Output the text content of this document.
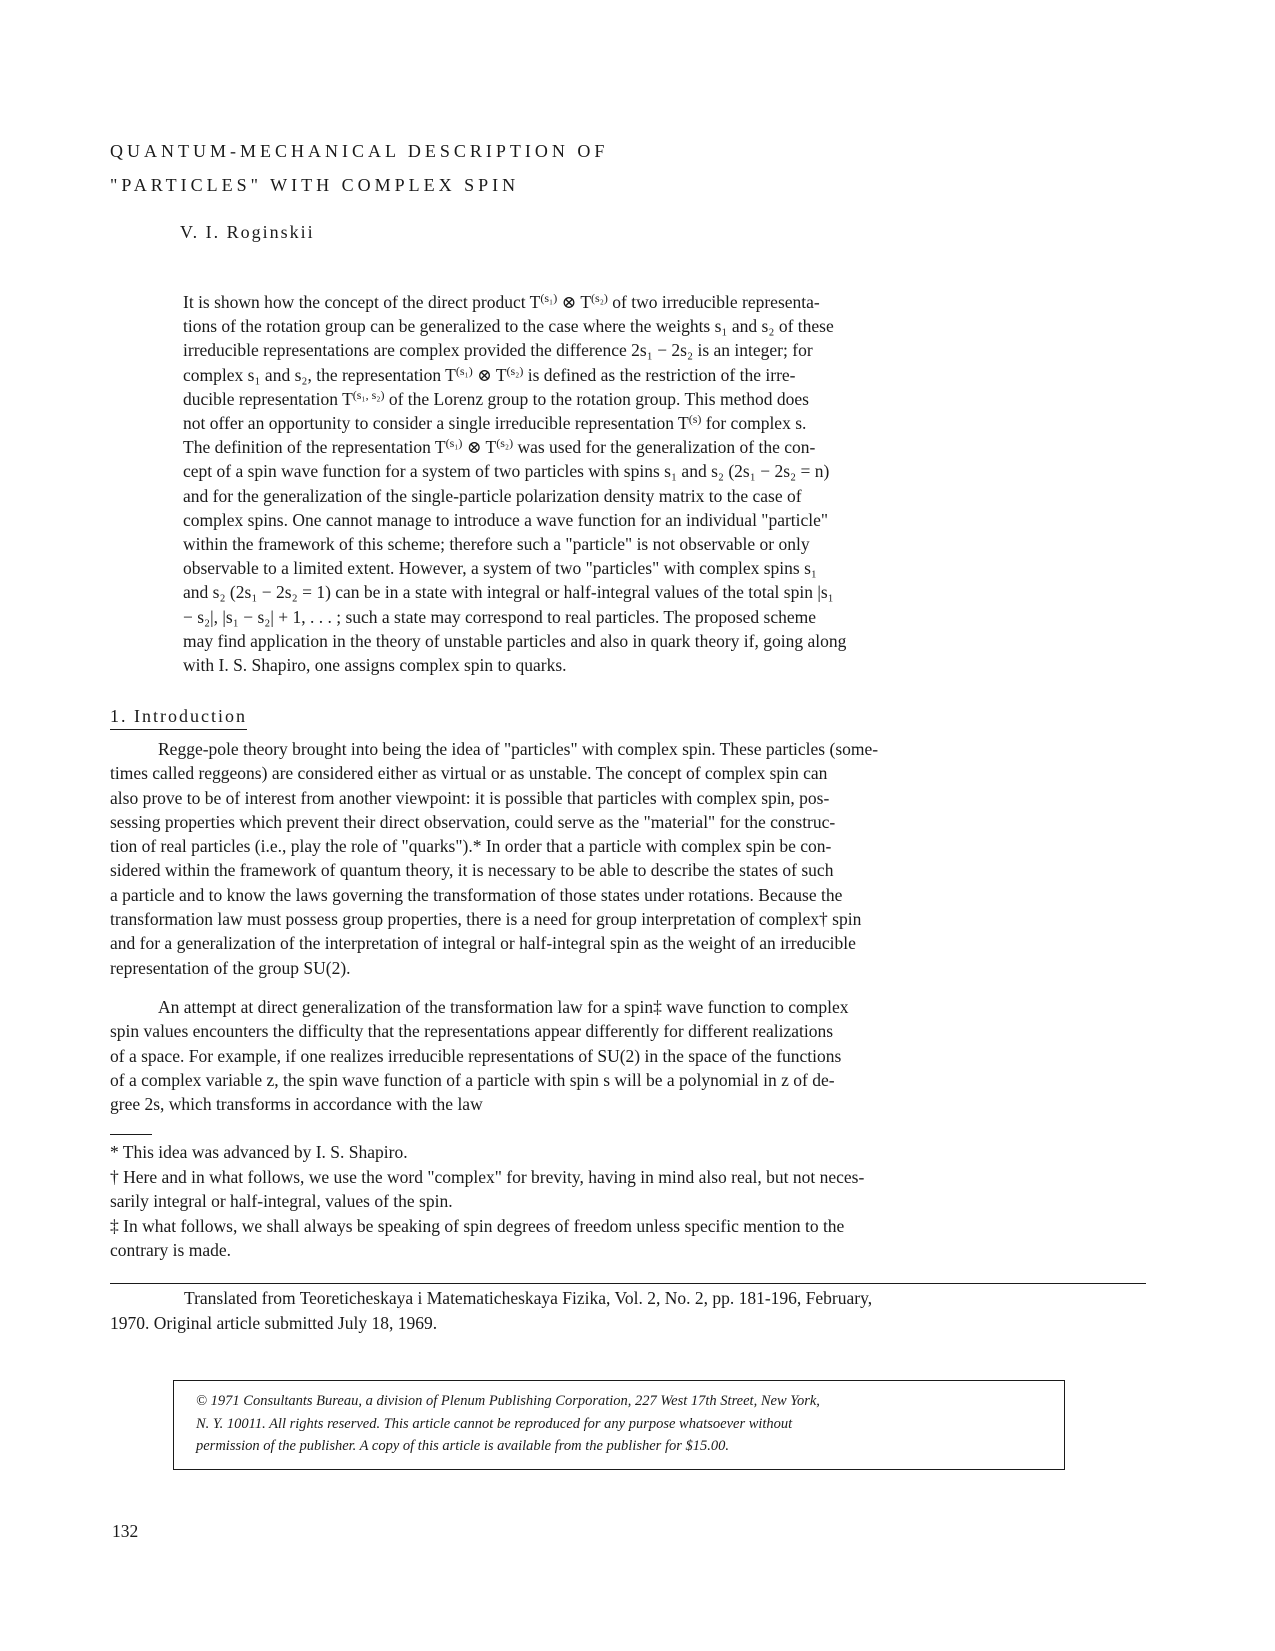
QUANTUM-MECHANICAL DESCRIPTION OF
"PARTICLES" WITH COMPLEX SPIN
V. I. Roginskii
It is shown how the concept of the direct product $T^{(s_1)}$ ⊗ $T^{(s_2)}$ of two irreducible representa-
tions of the rotation group can be generalized to the case where the weights s₁ and s₂ of these
irreducible representations are complex provided the difference 2s₁ − 2s₂ is an integer; for
complex s₁ and s₂, the representation $T^{(s_1)}$ ⊗ $T^{(s_2)}$ is defined as the restriction of the irre-
ducible representation $T^{(s_1, s_2)}$ of the Lorenz group to the rotation group. This method does
not offer an opportunity to consider a single irreducible representation $T^{(s)}$ for complex s.
The definition of the representation $T^{(s_1)}$ ⊗ $T^{(s_2)}$ was used for the generalization of the con-
cept of a spin wave function for a system of two particles with spins s₁ and s₂ (2s₁ − 2s₂ = n)
and for the generalization of the single-particle polarization density matrix to the case of
complex spins. One cannot manage to introduce a wave function for an individual "particle"
within the framework of this scheme; therefore such a "particle" is not observable or only
observable to a limited extent. However, a system of two "particles" with complex spins s₁
and s₂ (2s₁ − 2s₂ = 1) can be in a state with integral or half-integral values of the total spin |s₁
− s₂|, |s₁ − s₂| + 1, . . . ; such a state may correspond to real particles. The proposed scheme
may find application in the theory of unstable particles and also in quark theory if, going along
with I. S. Shapiro, one assigns complex spin to quarks.
1. Introduction
Regge-pole theory brought into being the idea of "particles" with complex spin. These particles (some-
times called reggeons) are considered either as virtual or as unstable. The concept of complex spin can
also prove to be of interest from another viewpoint: it is possible that particles with complex spin, pos-
sessing properties which prevent their direct observation, could serve as the "material" for the construc-
tion of real particles (i.e., play the role of "quarks").* In order that a particle with complex spin be con-
sidered within the framework of quantum theory, it is necessary to be able to describe the states of such
a particle and to know the laws governing the transformation of those states under rotations. Because the
transformation law must possess group properties, there is a need for group interpretation of complex† spin
and for a generalization of the interpretation of integral or half-integral spin as the weight of an irreducible
representation of the group SU(2).
An attempt at direct generalization of the transformation law for a spin‡ wave function to complex
spin values encounters the difficulty that the representations appear differently for different realizations
of a space. For example, if one realizes irreducible representations of SU(2) in the space of the functions
of a complex variable z, the spin wave function of a particle with spin s will be a polynomial in z of de-
gree 2s, which transforms in accordance with the law
* This idea was advanced by I. S. Shapiro.
† Here and in what follows, we use the word "complex" for brevity, having in mind also real, but not neces-
sarily integral or half-integral, values of the spin.
‡ In what follows, we shall always be speaking of spin degrees of freedom unless specific mention to the
contrary is made.
Translated from Teoreticheskaya i Matematicheskaya Fizika, Vol. 2, No. 2, pp. 181-196, February,
1970. Original article submitted July 18, 1969.
© 1971 Consultants Bureau, a division of Plenum Publishing Corporation, 227 West 17th Street, New York,
N. Y. 10011. All rights reserved. This article cannot be reproduced for any purpose whatsoever without
permission of the publisher. A copy of this article is available from the publisher for $15.00.
132
